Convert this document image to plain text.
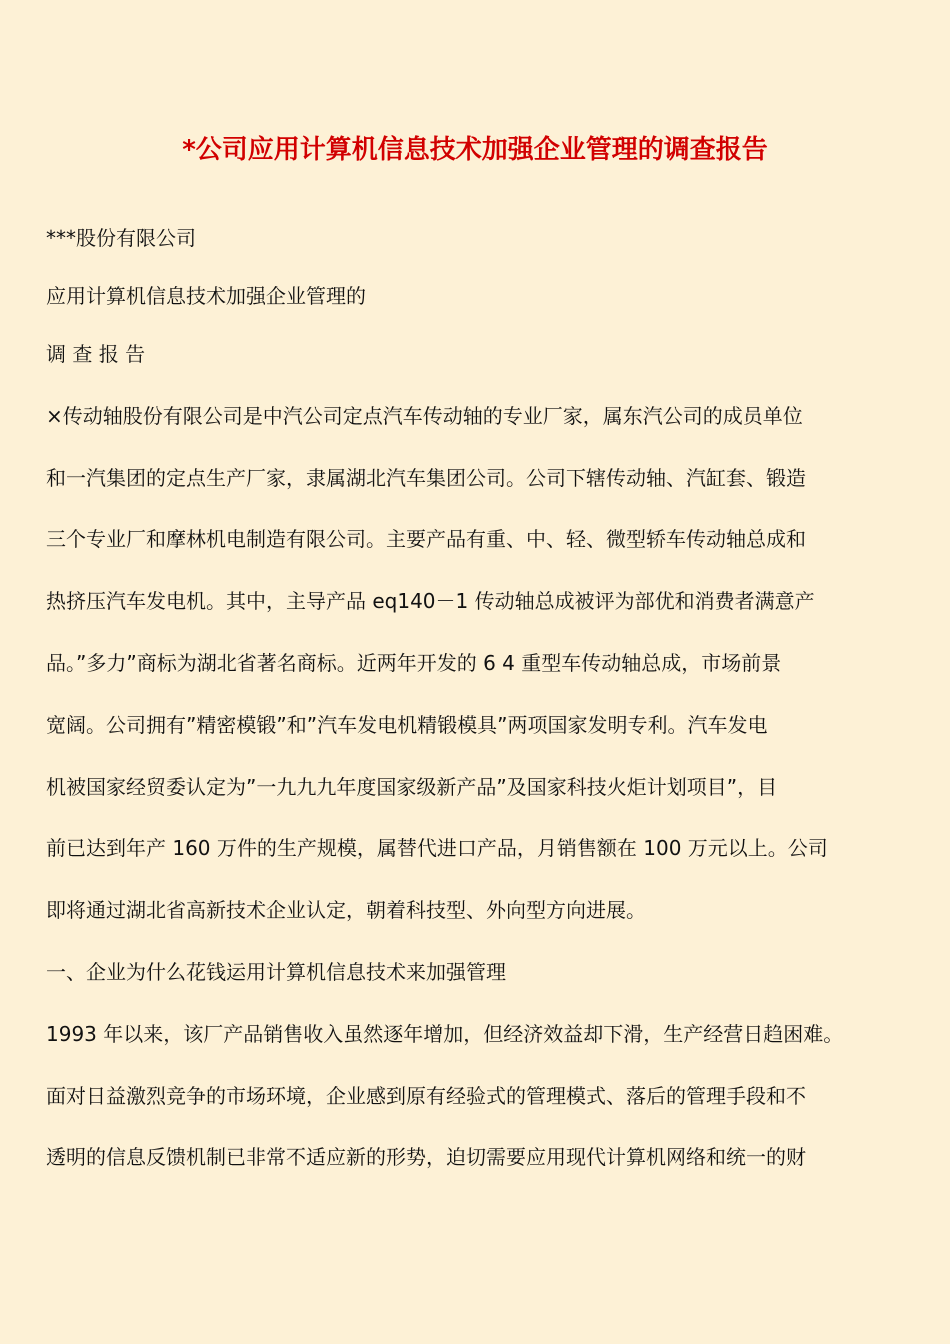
*公司应用计算机信息技术加强企业管理的调查报告
***股份有限公司
应用计算机信息技术加强企业管理的
调 查 报 告
×传动轴股份有限公司是中汽公司定点汽车传动轴的专业厂家，属东汽公司的成员单位
和一汽集团的定点生产厂家，隶属湖北汽车集团公司。公司下辖传动轴、汽缸套、锻造
三个专业厂和摩林机电制造有限公司。主要产品有重、中、轻、微型轿车传动轴总成和
热挤压汽车发电机。其中，主导产品 eq140－1 传动轴总成被评为部优和消费者满意产
品。”多力”商标为湖北省著名商标。近两年开发的 6 4 重型车传动轴总成，市场前景
宽阔。公司拥有”精密模锻”和”汽车发电机精锻模具”两项国家发明专利。汽车发电
机被国家经贸委认定为”一九九九年度国家级新产品”及国家科技火炬计划项目”，目
前已达到年产 160 万件的生产规模，属替代进口产品，月销售额在 100 万元以上。公司
即将通过湖北省高新技术企业认定，朝着科技型、外向型方向进展。
一、企业为什么花钱运用计算机信息技术来加强管理
1993 年以来，该厂产品销售收入虽然逐年增加，但经济效益却下滑，生产经营日趋困难。
面对日益激烈竞争的市场环境，企业感到原有经验式的管理模式、落后的管理手段和不
透明的信息反馈机制已非常不适应新的形势，迫切需要应用现代计算机网络和统一的财
